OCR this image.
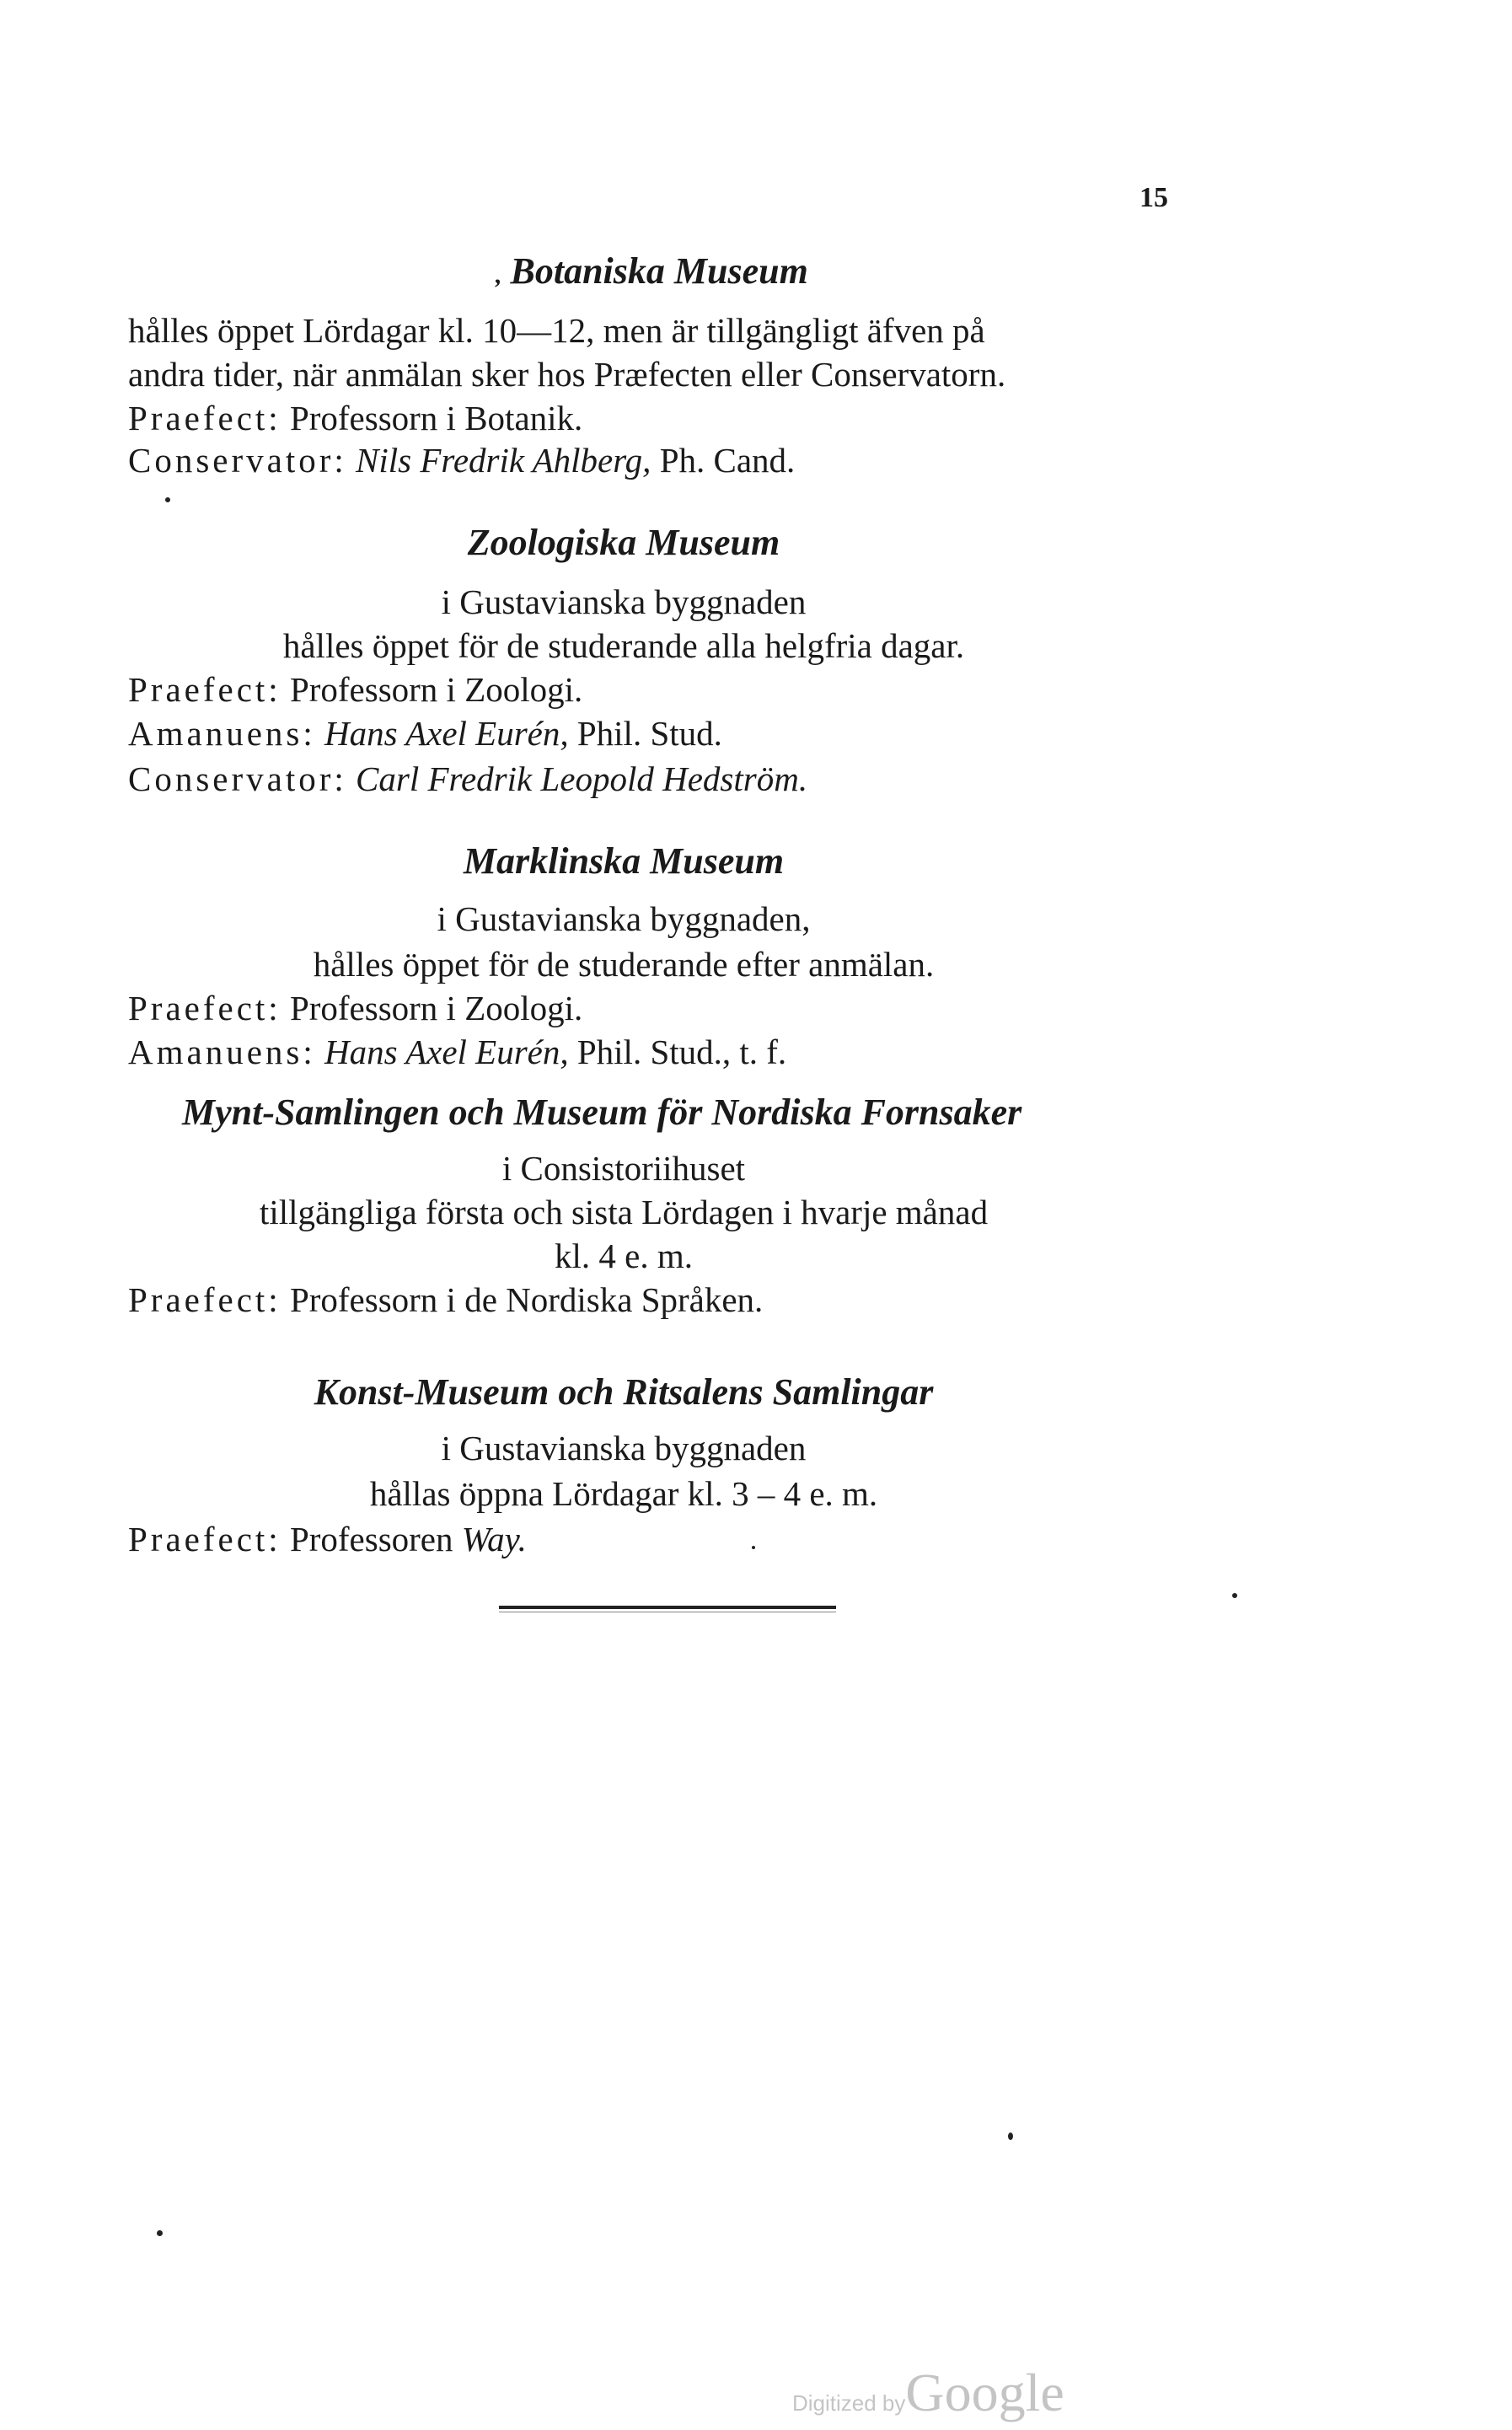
15
, Botaniska Museum
hålles öppet Lördagar kl. 10—12, men är tillgängligt äfven på
andra tider, när anmälan sker hos Præfecten eller Conservatorn.
Praefect: Professorn i Botanik.
Conservator: Nils Fredrik Ahlberg, Ph. Cand.
Zoologiska Museum
i Gustavianska byggnaden
hålles öppet för de studerande alla helgfria dagar.
Praefect: Professorn i Zoologi.
Amanuens: Hans Axel Eurén, Phil. Stud.
Conservator: Carl Fredrik Leopold Hedström.
Marklinska Museum
i Gustavianska byggnaden,
hålles öppet för de studerande efter anmälan.
Praefect: Professorn i Zoologi.
Amanuens: Hans Axel Eurén, Phil. Stud., t. f.
Mynt-Samlingen och Museum för Nordiska Fornsaker
i Consistoriihuset
tillgängliga första och sista Lördagen i hvarje månad
kl. 4 e. m.
Praefect: Professorn i de Nordiska Språken.
Konst-Museum och Ritsalens Samlingar
i Gustavianska byggnaden
hållas öppna Lördagar kl. 3 – 4 e. m.
Praefect: Professoren Way.
Digitized byGoogle
